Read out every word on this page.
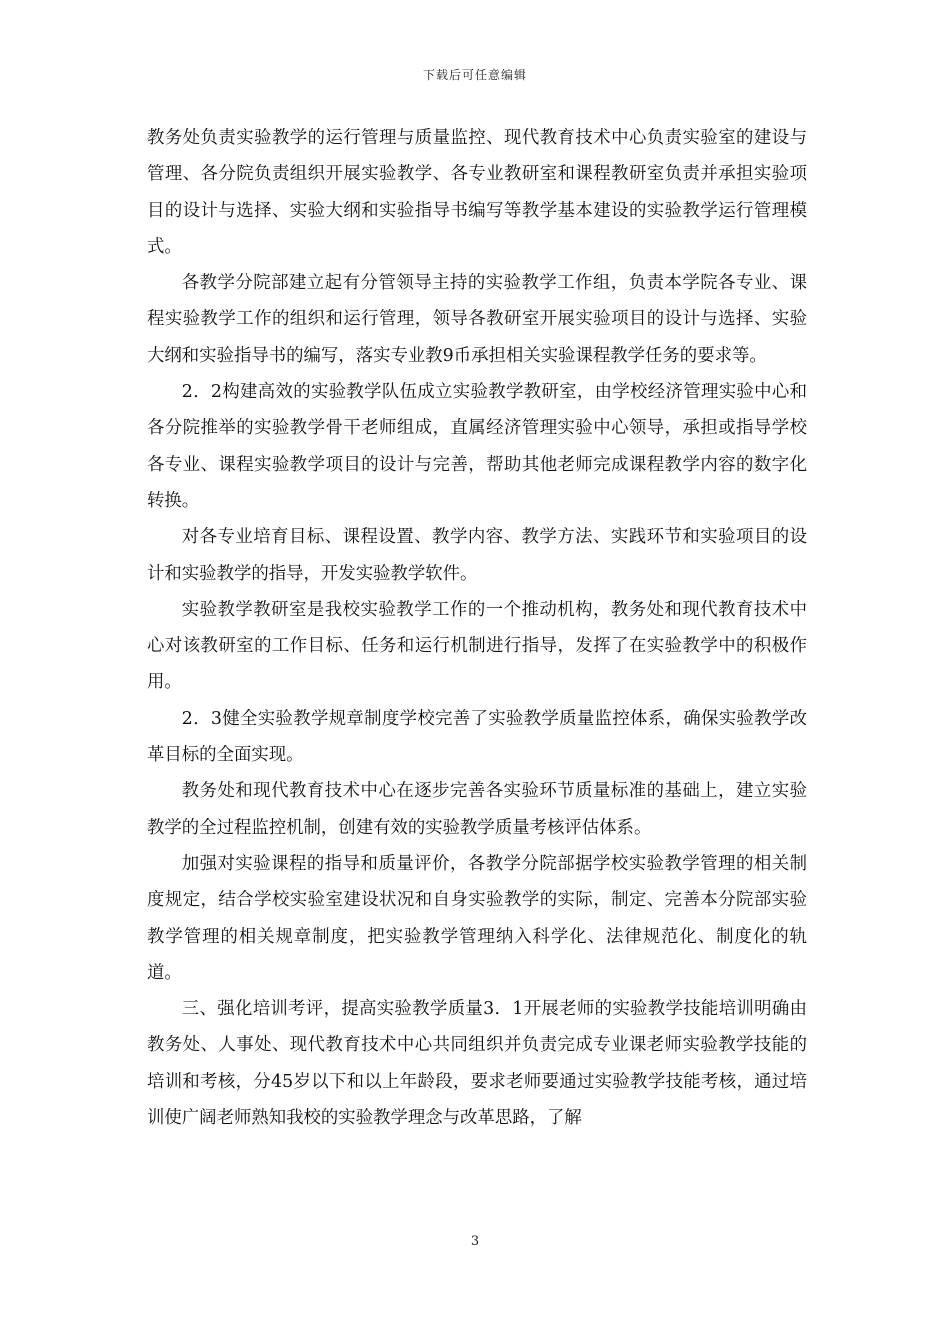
下载后可任意编辑

教务处负责实验教学的运行管理与质量监控、现代教育技术中心负责实验室的建设与管理、各分院负责组织开展实验教学、各专业教研室和课程教研室负责并承担实验项目的设计与选择、实验大纲和实验指导书编写等教学基本建设的实验教学运行管理模式。

各教学分院部建立起有分管领导主持的实验教学工作组，负责本学院各专业、课程实验教学工作的组织和运行管理，领导各教研室开展实验项目的设计与选择、实验大纲和实验指导书的编写，落实专业教9币承担相关实验课程教学任务的要求等。

2．2构建高效的实验教学队伍成立实验教学教研室，由学校经济管理实验中心和各分院推举的实验教学骨干老师组成，直属经济管理实验中心领导，承担或指导学校各专业、课程实验教学项目的设计与完善，帮助其他老师完成课程教学内容的数字化转换。

对各专业培育目标、课程设置、教学内容、教学方法、实践环节和实验项目的设计和实验教学的指导，开发实验教学软件。

实验教学教研室是我校实验教学工作的一个推动机构，教务处和现代教育技术中心对该教研室的工作目标、任务和运行机制进行指导，发挥了在实验教学中的积极作用。

2．3健全实验教学规章制度学校完善了实验教学质量监控体系，确保实验教学改革目标的全面实现。

教务处和现代教育技术中心在逐步完善各实验环节质量标准的基础上，建立实验教学的全过程监控机制，创建有效的实验教学质量考核评估体系。

加强对实验课程的指导和质量评价，各教学分院部据学校实验教学管理的相关制度规定，结合学校实验室建设状况和自身实验教学的实际，制定、完善本分院部实验教学管理的相关规章制度，把实验教学管理纳入科学化、法律规范化、制度化的轨道。

三、强化培训考评，提高实验教学质量3．1开展老师的实验教学技能培训明确由教务处、人事处、现代教育技术中心共同组织并负责完成专业课老师实验教学技能的培训和考核，分45岁以下和以上年龄段，要求老师要通过实验教学技能考核，通过培训使广阔老师熟知我校的实验教学理念与改革思路，了解

3
